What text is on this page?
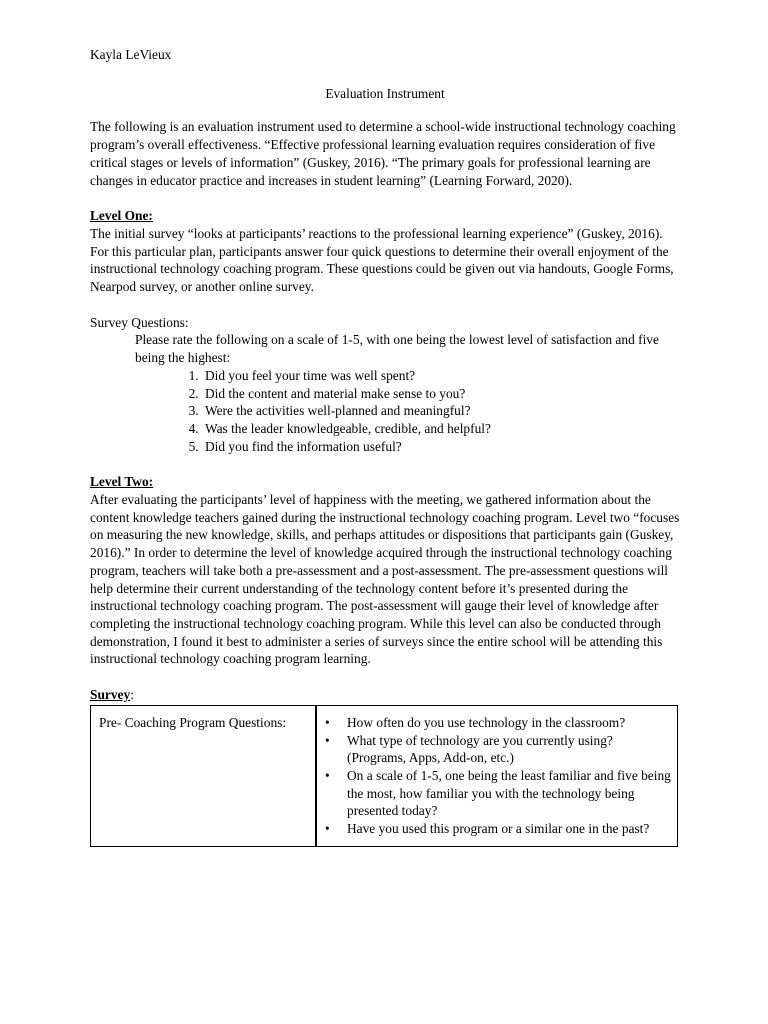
Kayla LeVieux

Evaluation Instrument

The following is an evaluation instrument used to determine a school-wide instructional technology coaching program’s overall effectiveness. “Effective professional learning evaluation requires consideration of five critical stages or levels of information” (Guskey, 2016). “The primary goals for professional learning are changes in educator practice and increases in student learning” (Learning Forward, 2020).

Level One:

The initial survey “looks at participants’ reactions to the professional learning experience” (Guskey, 2016). For this particular plan, participants answer four quick questions to determine their overall enjoyment of the instructional technology coaching program. These questions could be given out via handouts, Google Forms, Nearpod survey, or another online survey.

Survey Questions:

Please rate the following on a scale of 1-5, with one being the lowest level of satisfaction and five being the highest:

1. Did you feel your time was well spent?
2. Did the content and material make sense to you?
3. Were the activities well-planned and meaningful?
4. Was the leader knowledgeable, credible, and helpful?
5. Did you find the information useful?

Level Two:

After evaluating the participants’ level of happiness with the meeting, we gathered information about the content knowledge teachers gained during the instructional technology coaching program. Level two “focuses on measuring the new knowledge, skills, and perhaps attitudes or dispositions that participants gain (Guskey, 2016).” In order to determine the level of knowledge acquired through the instructional technology coaching program, teachers will take both a pre-assessment and a post-assessment. The pre-assessment questions will help determine their current understanding of the technology content before it’s presented during the instructional technology coaching program. The post-assessment will gauge their level of knowledge after completing the instructional technology coaching program. While this level can also be conducted through demonstration, I found it best to administer a series of surveys since the entire school will be attending this instructional technology coaching program learning.

Survey:

Pre- Coaching Program Questions:	
•How often do you use technology in the classroom?
• What type of technology are you currently using? (Programs, Apps, Add-on, etc.)
• On a scale of 1-5, one being the least familiar and five being the most, how familiar you with the technology being presented today?
• Have you used this program or a similar one in the past?
